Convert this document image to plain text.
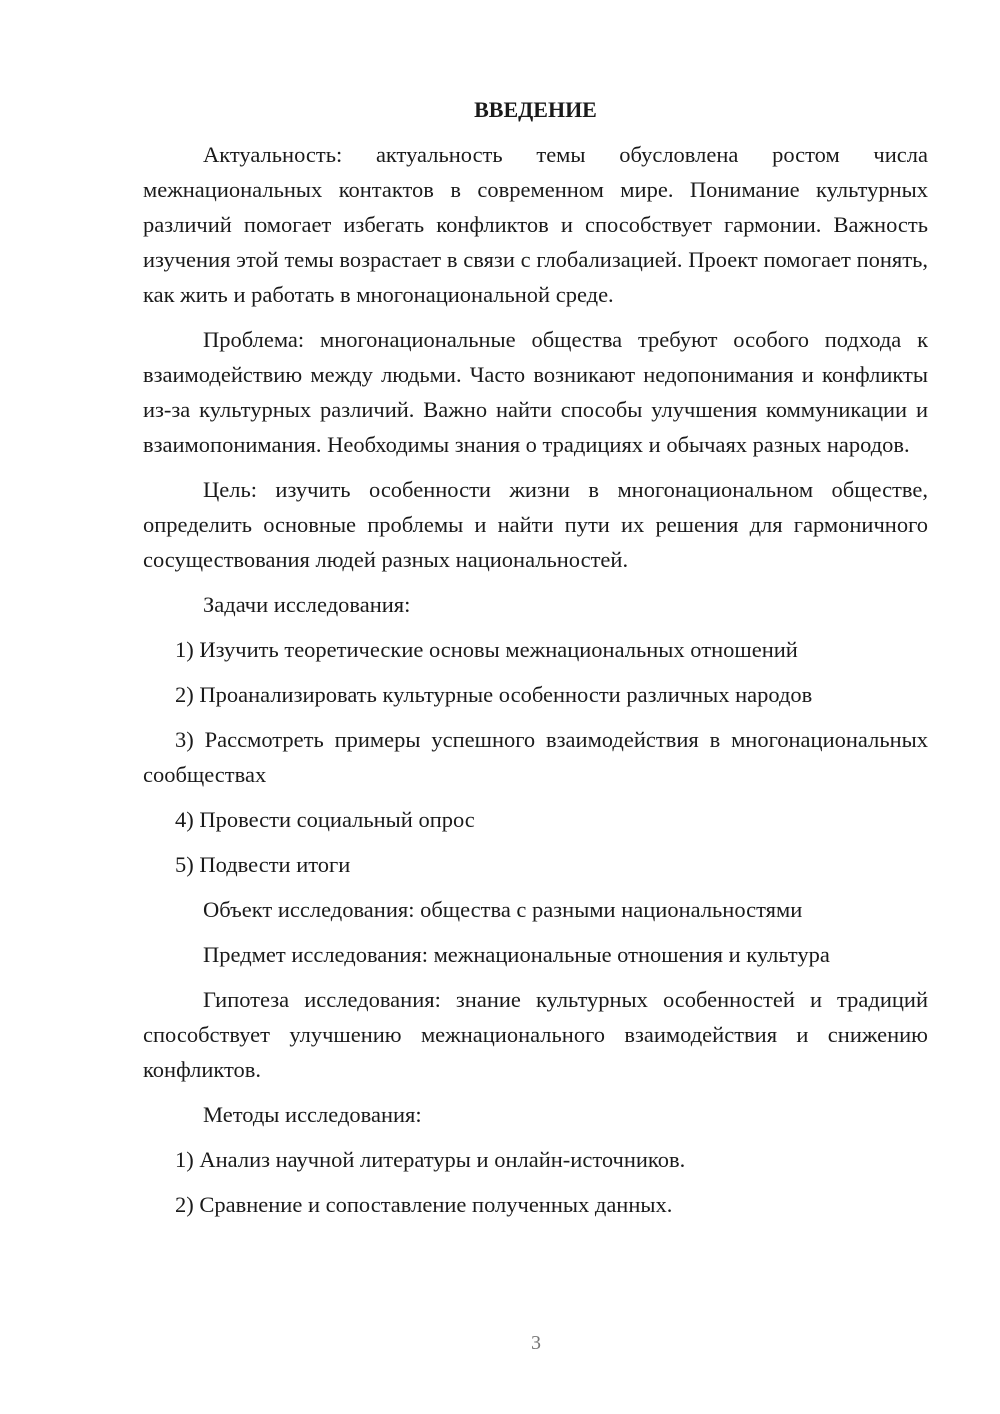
ВВЕДЕНИЕ

Актуальность: актуальность темы обусловлена ростом числа межнациональных контактов в современном мире. Понимание культурных различий помогает избегать конфликтов и способствует гармонии. Важность изучения этой темы возрастает в связи с глобализацией. Проект помогает понять, как жить и работать в многонациональной среде.

Проблема: многонациональные общества требуют особого подхода к взаимодействию между людьми. Часто возникают недопонимания и конфликты из-за культурных различий. Важно найти способы улучшения коммуникации и взаимопонимания. Необходимы знания о традициях и обычаях разных народов.

Цель: изучить особенности жизни в многонациональном обществе, определить основные проблемы и найти пути их решения для гармоничного сосуществования людей разных национальностей.

Задачи исследования:

1) Изучить теоретические основы межнациональных отношений

2) Проанализировать культурные особенности различных народов

3) Рассмотреть примеры успешного взаимодействия в многонациональных сообществах

4) Провести социальный опрос

5) Подвести итоги

Объект исследования: общества с разными национальностями

Предмет исследования: межнациональные отношения и культура

Гипотеза исследования: знание культурных особенностей и традиций способствует улучшению межнационального взаимодействия и снижению конфликтов.

Методы исследования:

1) Анализ научной литературы и онлайн-источников.

2) Сравнение и сопоставление полученных данных.

3
